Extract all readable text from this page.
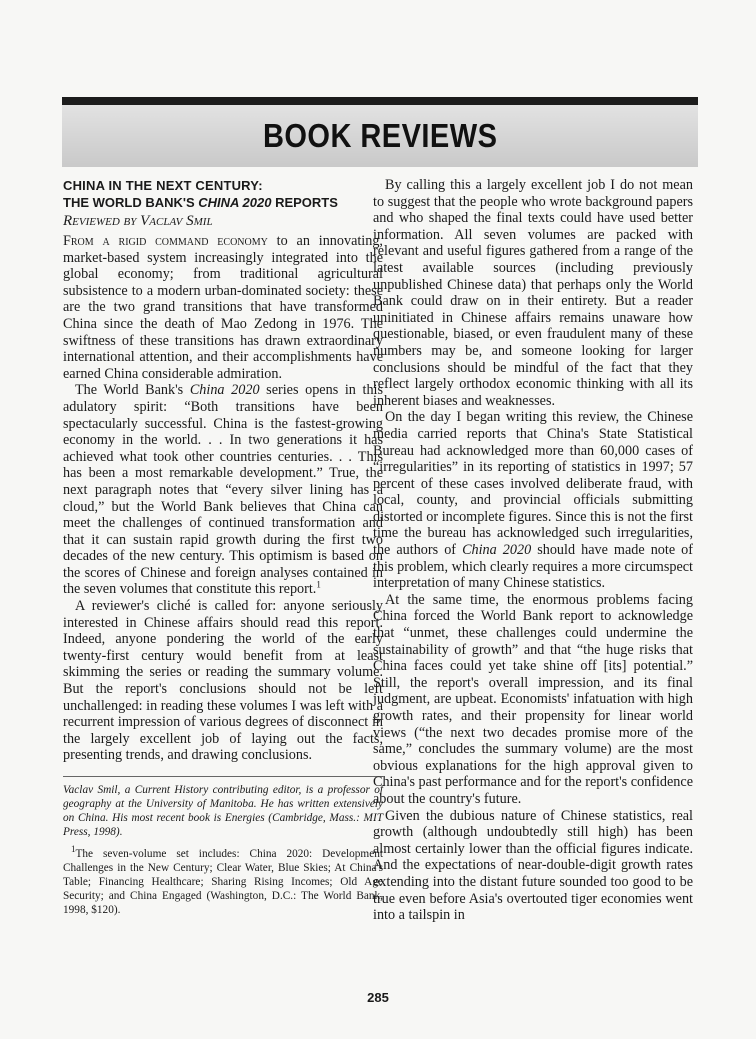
BOOK REVIEWS
CHINA IN THE NEXT CENTURY:
THE WORLD BANK'S CHINA 2020 REPORTS
Reviewed by Vaclav Smil

From a rigid command economy to an innovating, market-based system increasingly integrated into the global economy; from traditional agricultural subsistence to a modern urban-dominated society: these are the two grand transitions that have transformed China since the death of Mao Zedong in 1976. The swiftness of these transitions has drawn extraordinary international attention, and their accomplishments have earned China considerable admiration.

The World Bank's China 2020 series opens in this adulatory spirit: “Both transitions have been spectacularly successful. China is the fastest-growing economy in the world. . . In two generations it has achieved what took other countries centuries. . . This has been a most remarkable development.” True, the next paragraph notes that “every silver lining has a cloud,” but the World Bank believes that China can meet the challenges of continued transformation and that it can sustain rapid growth during the first two decades of the new century. This optimism is based on the scores of Chinese and foreign analyses contained in the seven volumes that constitute this report.$^1$

A reviewer's cliché is called for: anyone seriously interested in Chinese affairs should read this report. Indeed, anyone pondering the world of the early twenty-first century would benefit from at least skimming the series or reading the summary volume. But the report's conclusions should not be left unchallenged: in reading these volumes I was left with a recurrent impression of various degrees of disconnect in the largely excellent job of laying out the facts, presenting trends, and drawing conclusions.

Vaclav Smil, a Current History contributing editor, is a professor of geography at the University of Manitoba. He has written extensively on China. His most recent book is Energies (Cambridge, Mass.: MIT Press, 1998).
$^1$The seven-volume set includes: China 2020: Development Challenges in the New Century; Clear Water, Blue Skies; At China's Table; Financing Healthcare; Sharing Rising Incomes; Old Age Security; and China Engaged (Washington, D.C.: The World Bank, 1998, $120).

By calling this a largely excellent job I do not mean to suggest that the people who wrote background papers and who shaped the final texts could have used better information. All seven volumes are packed with relevant and useful figures gathered from a range of the latest available sources (including previously unpublished Chinese data) that perhaps only the World Bank could draw on in their entirety. But a reader uninitiated in Chinese affairs remains unaware how questionable, biased, or even fraudulent many of these numbers may be, and someone looking for larger conclusions should be mindful of the fact that they reflect largely orthodox economic thinking with all its inherent biases and weaknesses.

On the day I began writing this review, the Chinese media carried reports that China's State Statistical Bureau had acknowledged more than 60,000 cases of “irregularities” in its reporting of statistics in 1997; 57 percent of these cases involved deliberate fraud, with local, county, and provincial officials submitting distorted or incomplete figures. Since this is not the first time the bureau has acknowledged such irregularities, the authors of China 2020 should have made note of this problem, which clearly requires a more circumspect interpretation of many Chinese statistics.

At the same time, the enormous problems facing China forced the World Bank report to acknowledge that “unmet, these challenges could undermine the sustainability of growth” and that “the huge risks that China faces could yet take shine off [its] potential.” Still, the report's overall impression, and its final judgment, are upbeat. Economists' infatuation with high growth rates, and their propensity for linear world views (“the next two decades promise more of the same,” concludes the summary volume) are the most obvious explanations for the high approval given to China's past performance and for the report's confidence about the country's future.

Given the dubious nature of Chinese statistics, real growth (although undoubtedly still high) has been almost certainly lower than the official figures indicate. And the expectations of near-double-digit growth rates extending into the distant future sounded too good to be true even before Asia's overtouted tiger economies went into a tailspin in

285
